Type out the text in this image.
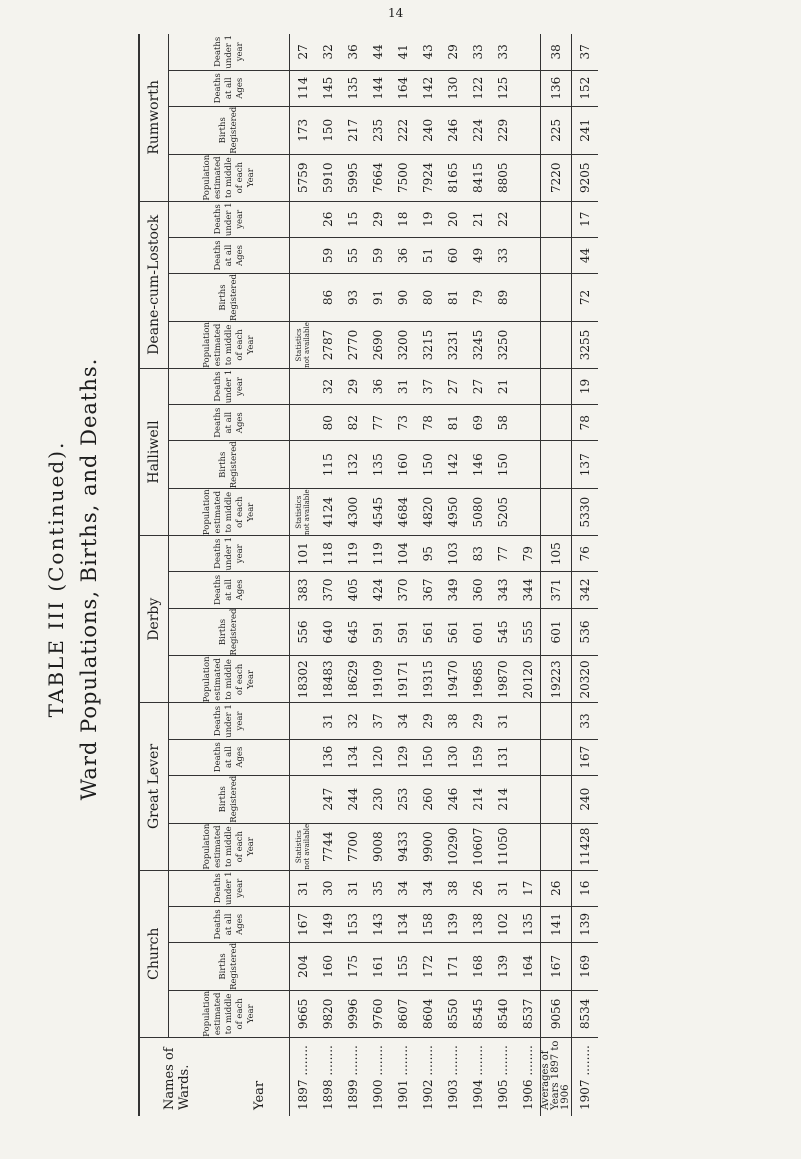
14
TABLE III (Continued). Ward Populations, Births, and Deaths.
Names of Wards. Year	Church				Great Lever				Derby				Halliwell				Deane-cum-Lostock				Rumworth			
	Population estimated to middle of each Year	Births Registered	Deaths at all Ages	Deaths under 1 year	Population estimated to middle of each Year	Births Registered	Deaths at all Ages	Deaths under 1 year	Population estimated to middle of each Year	Births Registered	Deaths at all Ages	Deaths under 1 year	Population estimated to middle of each Year	Births Registered	Deaths at all Ages	Deaths under 1 year	Population estimated to middle of each Year	Births Registered	Deaths at all Ages	Deaths under 1 year	Population estimated to middle of each Year	Births Registered	Deaths at all Ages	Deaths under 1 year
1897 ........	9665	204	167	31	Statistics not available				18302	556	383	101	Statistics not available				Statistics not available				5759	173	114	27
1898 ........	9820	160	149	30	7744	247	136	31	18483	640	370	118	4124	115	80	32	2787	86	59	26	5910	150	145	32
1899 ........	9996	175	153	31	7700	244	134	32	18629	645	405	119	4300	132	82	29	2770	93	55	15	5995	217	135	36
1900 ........	9760	161	143	35	9008	230	120	37	19109	591	424	119	4545	135	77	36	2690	91	59	29	7664	235	144	44
1901 ........	8607	155	134	34	9433	253	129	34	19171	591	370	104	4684	160	73	31	3200	90	36	18	7500	222	164	41
1902 ........	8604	172	158	34	9900	260	150	29	19315	561	367	95	4820	150	78	37	3215	80	51	19	7924	240	142	43
1903 ........	8550	171	139	38	10290	246	130	38	19470	561	349	103	4950	142	81	27	3231	81	60	20	8165	246	130	29
1904 ........	8545	168	138	26	10607	214	159	29	19685	601	360	83	5080	146	69	27	3245	79	49	21	8415	224	122	33
1905 ........	8540	139	102	31	11050	214	131	31	19870	545	343	77	5205	150	58	21	3250	89	33	22	8805	229	125	33
1906 ........	8537	164	135	17					20120	555	344	79												
Averages of Years 1897 to 1906	9056	167	141	26					19223	601	371	105									7220	225	136	38
1907 ........	8534	169	139	16	11428	240	167	33	20320	536	342	76	5330	137	78	19	3255	72	44	17	9205	241	152	37
